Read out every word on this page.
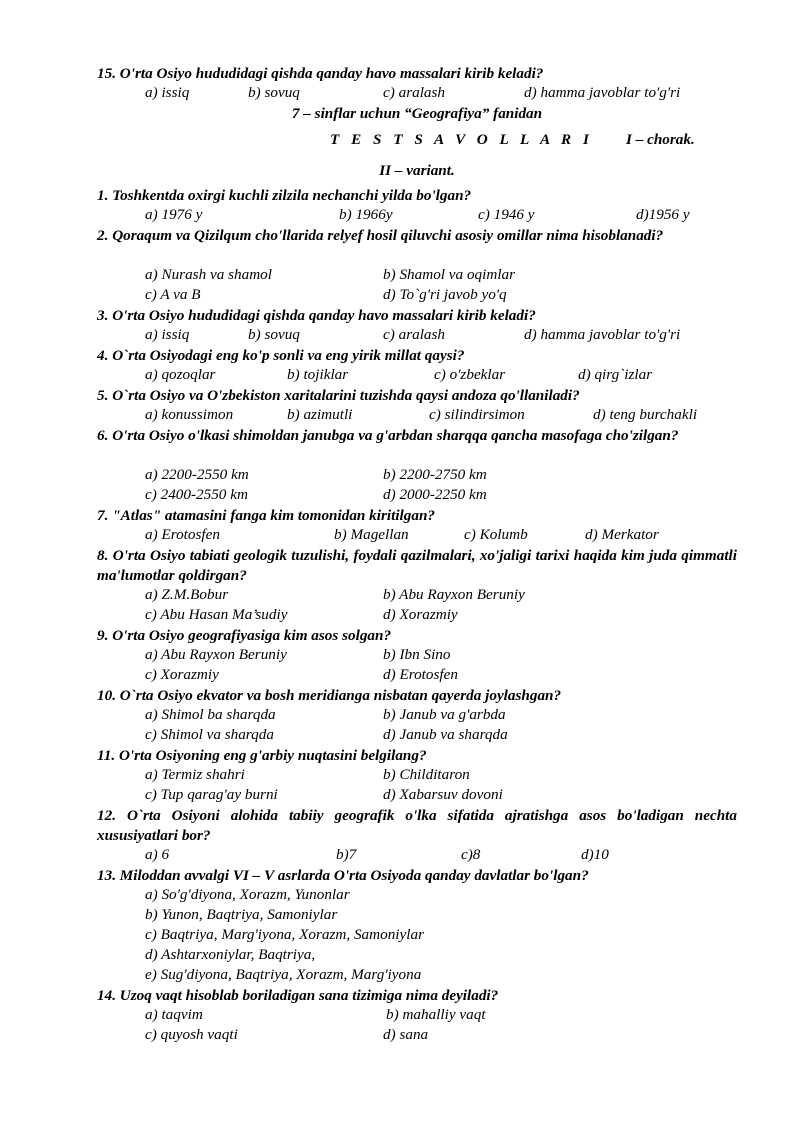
15. O'rta Osiyo hududidagi qishda qanday havo massalari kirib keladi?
a) issiq	b) sovuq	c) aralash	d) hamma javoblar to'g'ri
7 – sinflar uchun “Geografiya” fanidan
T E S T S A V O L L A R I I – chorak.
II – variant.
1. Toshkentda oxirgi kuchli zilzila nechanchi yilda bo'lgan?
a) 1976 y	b) 1966y	c) 1946 y	d)1956 y
2. Qoraqum va Qizilqum cho'llarida relyef hosil qiluvchi asosiy omillar nima hisoblanadi?
a) Nurash va shamol	b) Shamol va oqimlar
c) A va B	d) To`g'ri javob yo'q
3. O'rta Osiyo hududidagi qishda qanday havo massalari kirib keladi?
a) issiq	b) sovuq	c) aralash	d) hamma javoblar to'g'ri
4. O`rta Osiyodagi eng ko'p sonli va eng yirik millat qaysi?
a) qozoqlar	b) tojiklar	c) o'zbeklar	d) qirg`izlar
5. O`rta Osiyo va O'zbekiston xaritalarini tuzishda qaysi andoza qo'llaniladi?
a) konussimon	b) azimutli	c) silindirsimon	d) teng burchakli
6. O'rta Osiyo o'lkasi shimoldan janubga va g'arbdan sharqqa qancha masofaga cho'zilgan?
a) 2200-2550 km	b) 2200-2750 km
c) 2400-2550 km	d) 2000-2250 km
7. "Atlas" atamasini fanga kim tomonidan kiritilgan?
a) Erotosfen	b) Magellan	c) Kolumb	d) Merkator
8. O'rta Osiyo tabiati geologik tuzulishi, foydali qazilmalari, xo'jaligi tarixi haqida kim juda qimmatli ma'lumotlar qoldirgan?
a) Z.M.Bobur	b) Abu Rayxon Beruniy
c) Abu Hasan Ma’sudiy	d) Xorazmiy
9. O'rta Osiyo geografiyasiga kim asos solgan?
a) Abu Rayxon Beruniy	b) Ibn Sino
c) Xorazmiy	d) Erotosfen
10. O`rta Osiyo ekvator va bosh meridianga nisbatan qayerda joylashgan?
a) Shimol ba sharqda	b) Janub va g'arbda
c) Shimol va sharqda	d) Janub va sharqda
11. O'rta Osiyoning eng g'arbiy nuqtasini belgilang?
a) Termiz shahri	b) Childitaron
c) Tup qarag'ay burni	d) Xabarsuv dovoni
12. O`rta Osiyoni alohida tabiiy geografik o'lka sifatida ajratishga asos bo'ladigan nechta xususiyatlari bor?
a) 6	b)7	c)8	d)10
13. Miloddan avvalgi VI – V asrlarda O'rta Osiyoda qanday davlatlar bo'lgan?
a) So'g'diyona, Xorazm, Yunonlar
b) Yunon, Baqtriya, Samoniylar
c) Baqtriya, Marg'iyona, Xorazm, Samoniylar
d) Ashtarxoniylar, Baqtriya,
e) Sug'diyona, Baqtriya, Xorazm, Marg'iyona
14. Uzoq vaqt hisoblab boriladigan sana tizimiga nima deyiladi?
a) taqvim	b) mahalliy vaqt
c) quyosh vaqti	d) sana
